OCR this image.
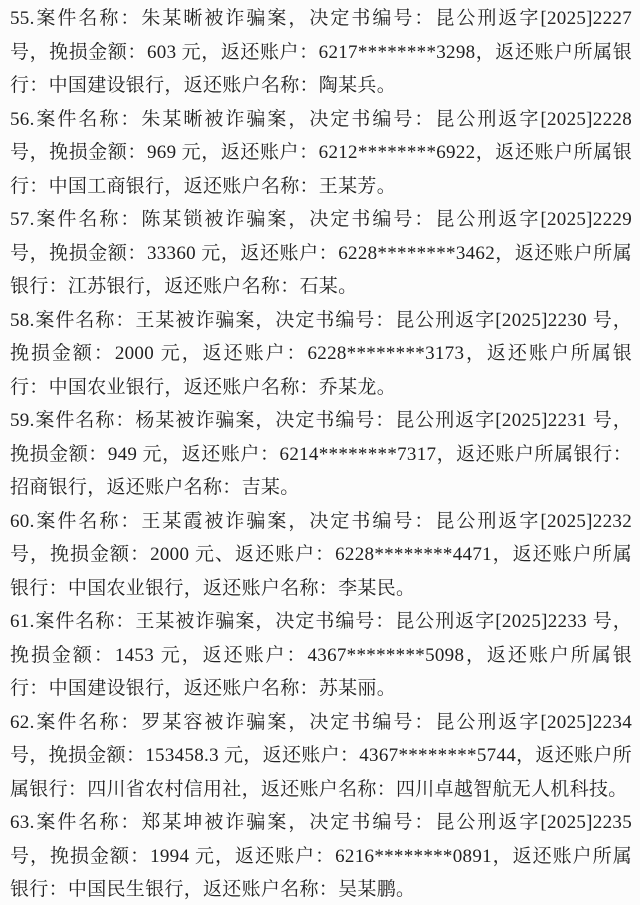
55.案件名称：朱某晰被诈骗案，决定书编号：昆公刑返字[2025]2227 号，挽损金额：603 元，返还账户：6217********3298，返还账户所属银行：中国建设银行，返还账户名称：陶某兵。

56.案件名称：朱某晰被诈骗案，决定书编号：昆公刑返字[2025]2228 号，挽损金额：969 元，返还账户：6212********6922，返还账户所属银行：中国工商银行，返还账户名称：王某芳。

57.案件名称：陈某锁被诈骗案，决定书编号：昆公刑返字[2025]2229 号，挽损金额：33360 元，返还账户：6228********3462，返还账户所属银行：江苏银行，返还账户名称：石某。

58.案件名称：王某被诈骗案，决定书编号：昆公刑返字[2025]2230 号，挽损金额：2000 元，返还账户：6228********3173，返还账户所属银行：中国农业银行，返还账户名称：乔某龙。

59.案件名称：杨某被诈骗案，决定书编号：昆公刑返字[2025]2231 号，挽损金额：949 元，返还账户：6214********7317，返还账户所属银行：招商银行，返还账户名称：吉某。

60.案件名称：王某霞被诈骗案，决定书编号：昆公刑返字[2025]2232 号，挽损金额：2000 元、返还账户：6228********4471，返还账户所属银行：中国农业银行，返还账户名称：李某民。

61.案件名称：王某被诈骗案，决定书编号：昆公刑返字[2025]2233 号，挽损金额：1453 元，返还账户：4367********5098，返还账户所属银行：中国建设银行，返还账户名称：苏某丽。

62.案件名称：罗某容被诈骗案，决定书编号：昆公刑返字[2025]2234 号，挽损金额：153458.3 元，返还账户：4367********5744，返还账户所属银行：四川省农村信用社，返还账户名称：四川卓越智航无人机科技。

63.案件名称：郑某坤被诈骗案，决定书编号：昆公刑返字[2025]2235 号，挽损金额：1994 元，返还账户：6216********0891，返还账户所属银行：中国民生银行，返还账户名称：吴某鹏。
